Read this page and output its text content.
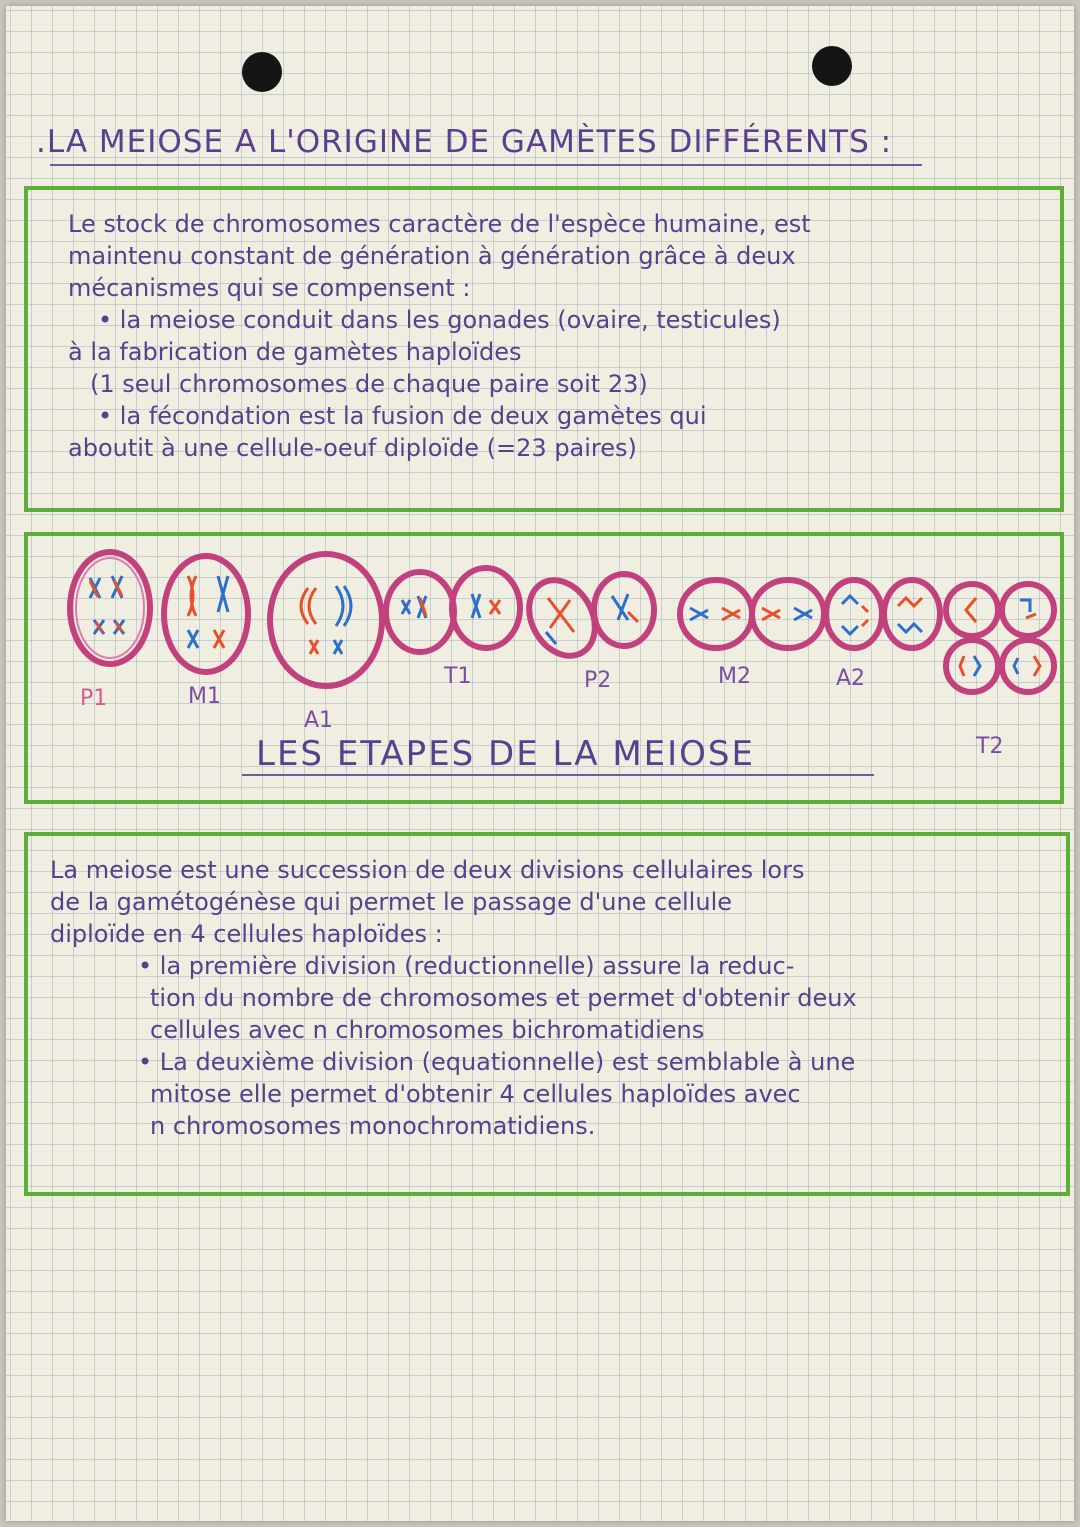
.LA MEIOSE A L'ORIGINE DE GAMÈTES DIFFÉRENTS :

Le stock de chromosomes caractère de l'espèce humaine, est

maintenu constant de génération à génération grâce à deux

mécanismes qui se compensent :

• la meiose conduit dans les gonades (ovaire, testicules)

à la fabrication de gamètes haploïdes

(1 seul chromosomes de chaque paire soit 23)

• la fécondation est la fusion de deux gamètes qui

aboutit à une cellule-oeuf diploïde (=23 paires)

P1	M1
A1
T1	P2	M2	A2
T2
LES ETAPES DE LA MEIOSE

La meiose est une succession de deux divisions cellulaires lors

de la gamétogénèse qui permet le passage d'une cellule

diploïde en 4 cellules haploïdes :

• la première division (reductionnelle) assure la reduc-

tion du nombre de chromosomes et permet d'obtenir deux

cellules avec n chromosomes bichromatidiens

• La deuxième division (equationnelle) est semblable à une

mitose elle permet d'obtenir 4 cellules haploïdes avec

n chromosomes monochromatidiens.
